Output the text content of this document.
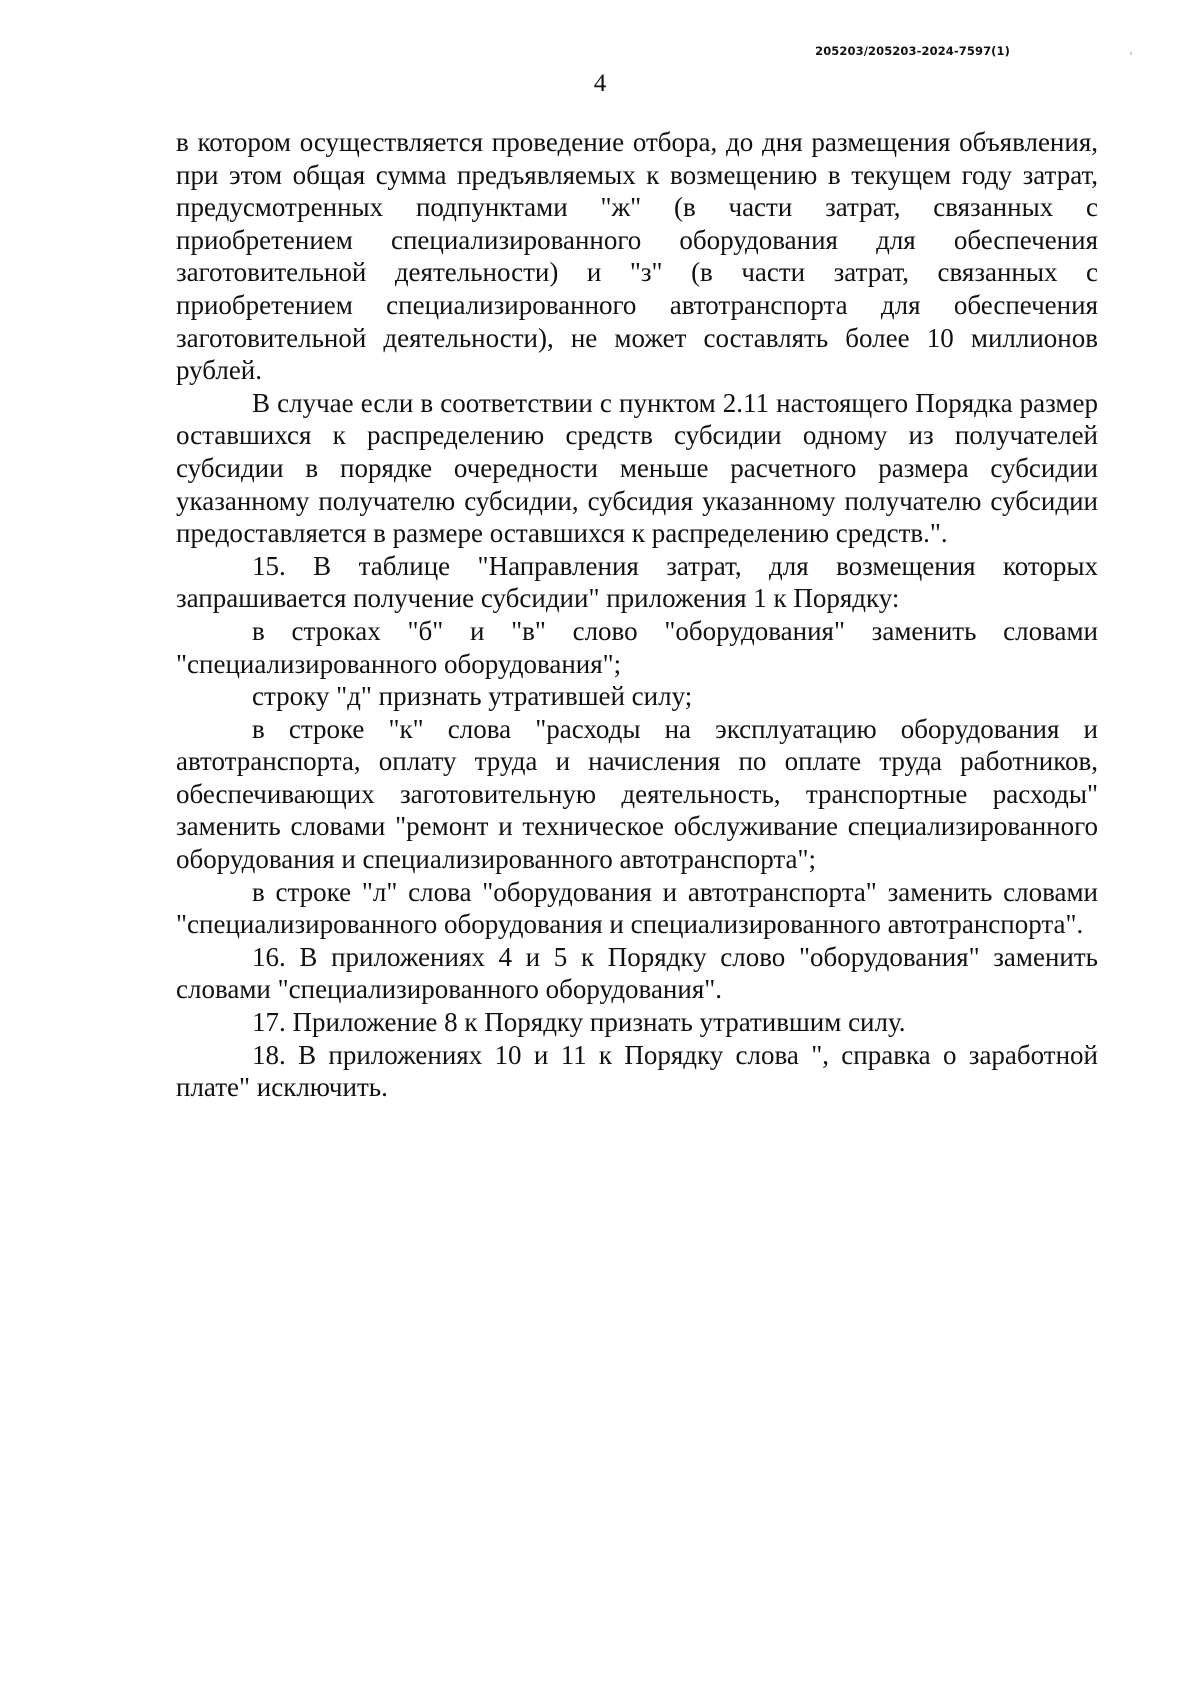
205203/205203-2024-7597(1)
4

в котором осуществляется проведение отбора, до дня размещения объявления, при этом общая сумма предъявляемых к возмещению в текущем году затрат, предусмотренных подпунктами "ж" (в части затрат, связанных с приобретением специализированного оборудования для обеспечения заготовительной деятельности) и "з" (в части затрат, связанных с приобретением специализированного автотранспорта для обеспечения заготовительной деятельности), не может составлять более 10 миллионов рублей.

В случае если в соответствии с пунктом 2.11 настоящего Порядка размер оставшихся к распределению средств субсидии одному из получателей субсидии в порядке очередности меньше расчетного размера субсидии указанному получателю субсидии, субсидия указанному получателю субсидии предоставляется в размере оставшихся к распределению средств.".

15. В таблице "Направления затрат, для возмещения которых запрашивается получение субсидии" приложения 1 к Порядку:

в строках "б" и "в" слово "оборудования" заменить словами "специализированного оборудования";

строку "д" признать утратившей силу;

в строке "к" слова "расходы на эксплуатацию оборудования и автотранспорта, оплату труда и начисления по оплате труда работников, обеспечивающих заготовительную деятельность, транспортные расходы" заменить словами "ремонт и техническое обслуживание специализированного оборудования и специализированного автотранспорта";

в строке "л" слова "оборудования и автотранспорта" заменить словами "специализированного оборудования и специализированного автотранспорта".

16. В приложениях 4 и 5 к Порядку слово "оборудования" заменить словами "специализированного оборудования".

17. Приложение 8 к Порядку признать утратившим силу.

18. В приложениях 10 и 11 к Порядку слова ", справка о заработной плате" исключить.
